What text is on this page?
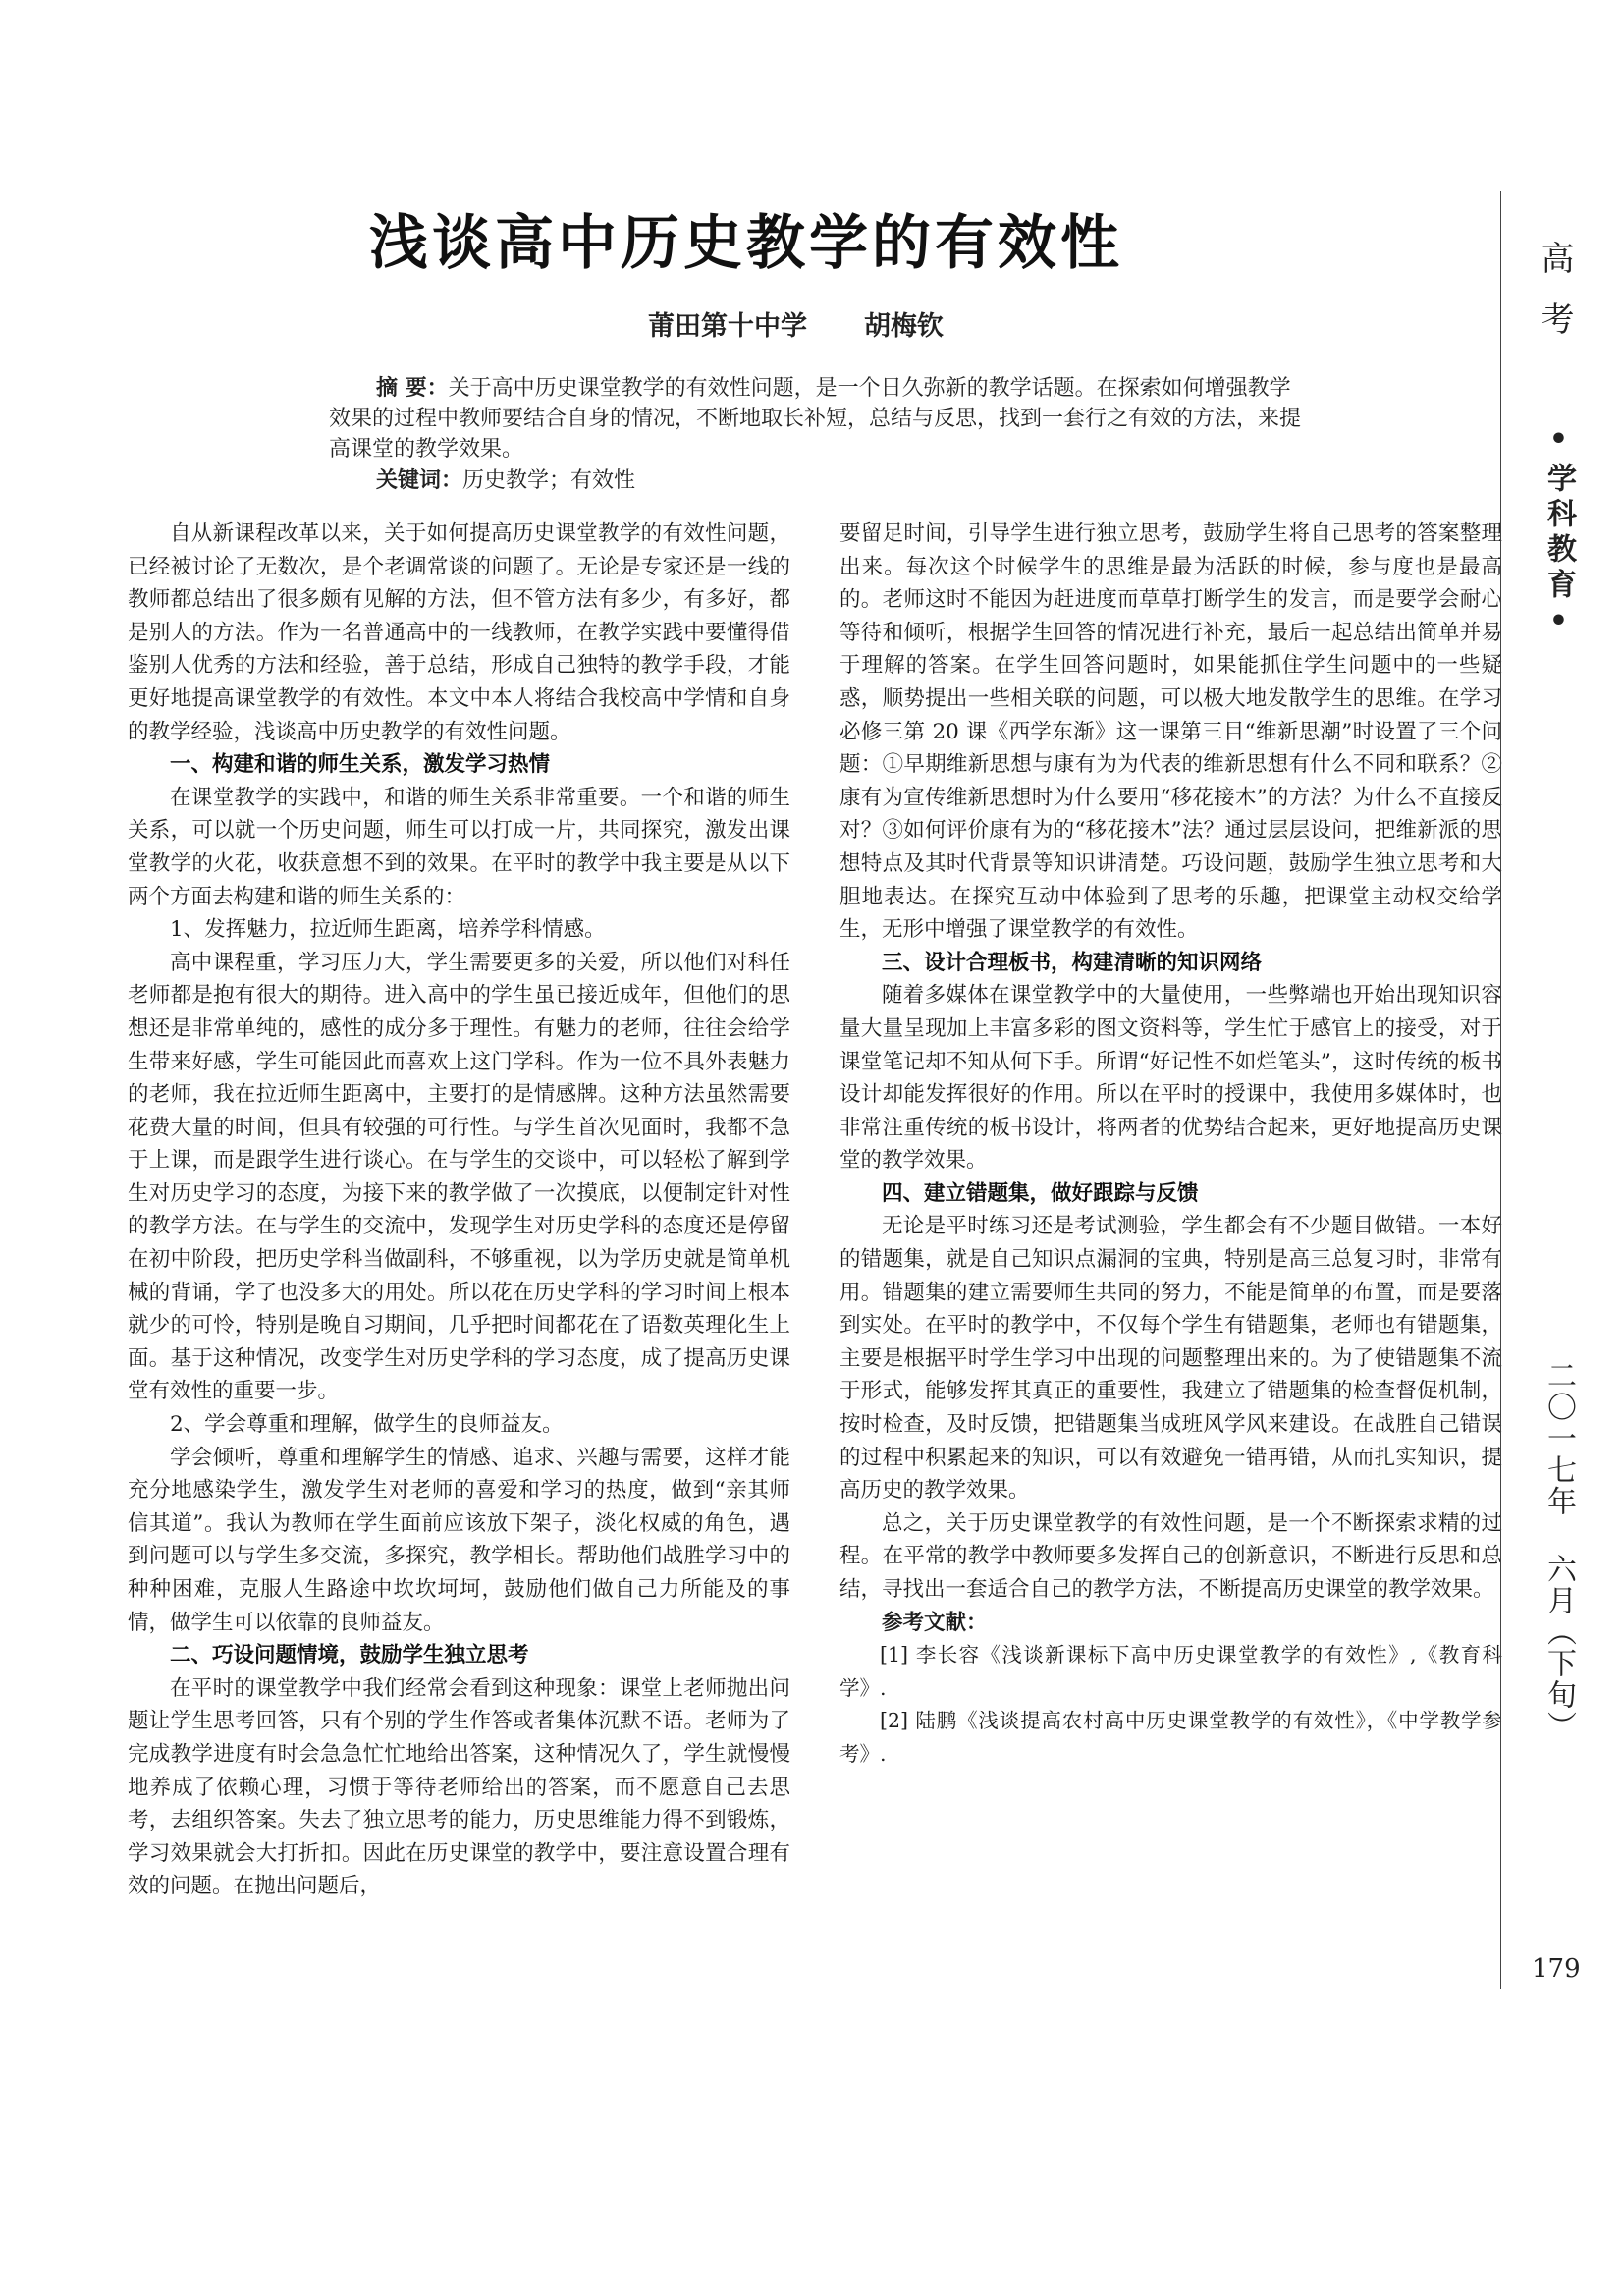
浅谈高中历史教学的有效性
莆田第十中学 胡梅钦

摘 要：关于高中历史课堂教学的有效性问题，是一个日久弥新的教学话题。在探索如何增强教学效果的过程中教师要结合自身的情况，不断地取长补短，总结与反思，找到一套行之有效的方法，来提高课堂的教学效果。

关键词：历史教学；有效性

自从新课程改革以来，关于如何提高历史课堂教学的有效性问题，已经被讨论了无数次，是个老调常谈的问题了。无论是专家还是一线的教师都总结出了很多颇有见解的方法，但不管方法有多少，有多好，都是别人的方法。作为一名普通高中的一线教师，在教学实践中要懂得借鉴别人优秀的方法和经验，善于总结，形成自己独特的教学手段，才能更好地提高课堂教学的有效性。本文中本人将结合我校高中学情和自身的教学经验，浅谈高中历史教学的有效性问题。

一、构建和谐的师生关系，激发学习热情

在课堂教学的实践中，和谐的师生关系非常重要。一个和谐的师生关系，可以就一个历史问题，师生可以打成一片，共同探究，激发出课堂教学的火花，收获意想不到的效果。在平时的教学中我主要是从以下两个方面去构建和谐的师生关系的：

1、发挥魅力，拉近师生距离，培养学科情感。

高中课程重，学习压力大，学生需要更多的关爱，所以他们对科任老师都是抱有很大的期待。进入高中的学生虽已接近成年，但他们的思想还是非常单纯的，感性的成分多于理性。有魅力的老师，往往会给学生带来好感，学生可能因此而喜欢上这门学科。作为一位不具外表魅力的老师，我在拉近师生距离中，主要打的是情感牌。这种方法虽然需要花费大量的时间，但具有较强的可行性。与学生首次见面时，我都不急于上课，而是跟学生进行谈心。在与学生的交谈中，可以轻松了解到学生对历史学习的态度，为接下来的教学做了一次摸底，以便制定针对性的教学方法。在与学生的交流中，发现学生对历史学科的态度还是停留在初中阶段，把历史学科当做副科，不够重视，以为学历史就是简单机械的背诵，学了也没多大的用处。所以花在历史学科的学习时间上根本就少的可怜，特别是晚自习期间，几乎把时间都花在了语数英理化生上面。基于这种情况，改变学生对历史学科的学习态度，成了提高历史课堂有效性的重要一步。

2、学会尊重和理解，做学生的良师益友。

学会倾听，尊重和理解学生的情感、追求、兴趣与需要，这样才能充分地感染学生，激发学生对老师的喜爱和学习的热度，做到“亲其师信其道”。我认为教师在学生面前应该放下架子，淡化权威的角色，遇到问题可以与学生多交流，多探究，教学相长。帮助他们战胜学习中的种种困难，克服人生路途中坎坎坷坷，鼓励他们做自己力所能及的事情，做学生可以依靠的良师益友。

二、巧设问题情境，鼓励学生独立思考

在平时的课堂教学中我们经常会看到这种现象：课堂上老师抛出问题让学生思考回答，只有个别的学生作答或者集体沉默不语。老师为了完成教学进度有时会急急忙忙地给出答案，这种情况久了，学生就慢慢地养成了依赖心理，习惯于等待老师给出的答案，而不愿意自己去思考，去组织答案。失去了独立思考的能力，历史思维能力得不到锻炼，学习效果就会大打折扣。因此在历史课堂的教学中，要注意设置合理有效的问题。在抛出问题后，

要留足时间，引导学生进行独立思考，鼓励学生将自己思考的答案整理出来。每次这个时候学生的思维是最为活跃的时候，参与度也是最高的。老师这时不能因为赶进度而草草打断学生的发言，而是要学会耐心等待和倾听，根据学生回答的情况进行补充，最后一起总结出简单并易于理解的答案。在学生回答问题时，如果能抓住学生问题中的一些疑惑，顺势提出一些相关联的问题，可以极大地发散学生的思维。在学习必修三第 20 课《西学东渐》这一课第三目“维新思潮”时设置了三个问题：①早期维新思想与康有为为代表的维新思想有什么不同和联系？②康有为宣传维新思想时为什么要用“移花接木”的方法？为什么不直接反对？③如何评价康有为的“移花接木”法？通过层层设问，把维新派的思想特点及其时代背景等知识讲清楚。巧设问题，鼓励学生独立思考和大胆地表达。在探究互动中体验到了思考的乐趣，把课堂主动权交给学生，无形中增强了课堂教学的有效性。

三、设计合理板书，构建清晰的知识网络

随着多媒体在课堂教学中的大量使用，一些弊端也开始出现知识容量大量呈现加上丰富多彩的图文资料等，学生忙于感官上的接受，对于课堂笔记却不知从何下手。所谓“好记性不如烂笔头”，这时传统的板书设计却能发挥很好的作用。所以在平时的授课中，我使用多媒体时，也非常注重传统的板书设计，将两者的优势结合起来，更好地提高历史课堂的教学效果。

四、建立错题集，做好跟踪与反馈

无论是平时练习还是考试测验，学生都会有不少题目做错。一本好的错题集，就是自己知识点漏洞的宝典，特别是高三总复习时，非常有用。错题集的建立需要师生共同的努力，不能是简单的布置，而是要落到实处。在平时的教学中，不仅每个学生有错题集，老师也有错题集，主要是根据平时学生学习中出现的问题整理出来的。为了使错题集不流于形式，能够发挥其真正的重要性，我建立了错题集的检查督促机制，按时检查，及时反馈，把错题集当成班风学风来建设。在战胜自己错误的过程中积累起来的知识，可以有效避免一错再错，从而扎实知识，提高历史的教学效果。

总之，关于历史课堂教学的有效性问题，是一个不断探索求精的过程。在平常的教学中教师要多发挥自己的创新意识，不断进行反思和总结，寻找出一套适合自己的教学方法，不断提高历史课堂的教学效果。

参考文献：

[1] 李长容《浅谈新课标下高中历史课堂教学的有效性》,《教育科学》.

[2] 陆鹏《浅谈提高农村高中历史课堂教学的有效性》，《中学教学参考》.

高考
•学科教育•
二〇一七年 六月（下旬）
179
